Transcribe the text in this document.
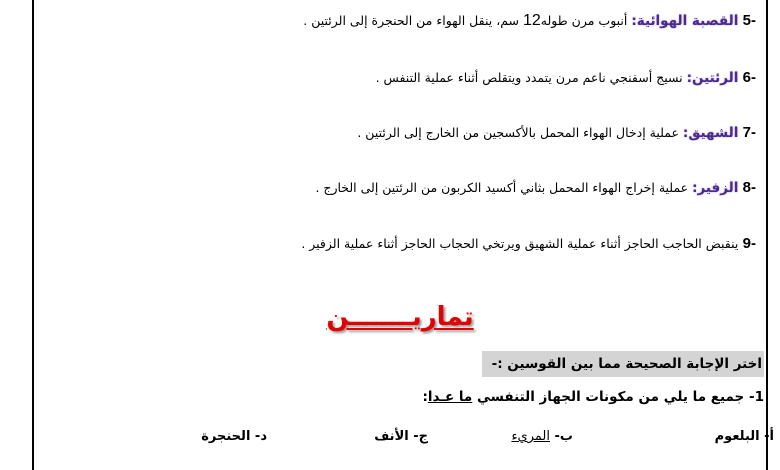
-5 القصبة الهوائية: أنبوب مرن طوله12 سم، ينقل الهواء من الحنجرة إلى الرئتين .
-6 الرئتين: نسيج أسفنجي ناعم مرن يتمدد ويتقلص أثناء عملية التنفس .
-7 الشهيق: عملية إدخال الهواء المحمل بالأكسجين من الخارج إلى الرئتين .
-8 الزفير: عملية إخراج الهواء المحمل بثاني أكسيد الكربون من الرئتين إلى الخارج .
-9 ينقبض الحاجب الحاجز أثناء عملية الشهيق ويرتخي الحجاب الحاجز أثناء عملية الزفير .
تماريـــــــن
اختر الإجابة الصحيحة مما بين القوسين :-
1- جميع ما يلي من مكونات الجهاز التنفسي ما عـدا:
أ- البلعوم
ب- المريء
ج- الأنف
د- الحنجرة
